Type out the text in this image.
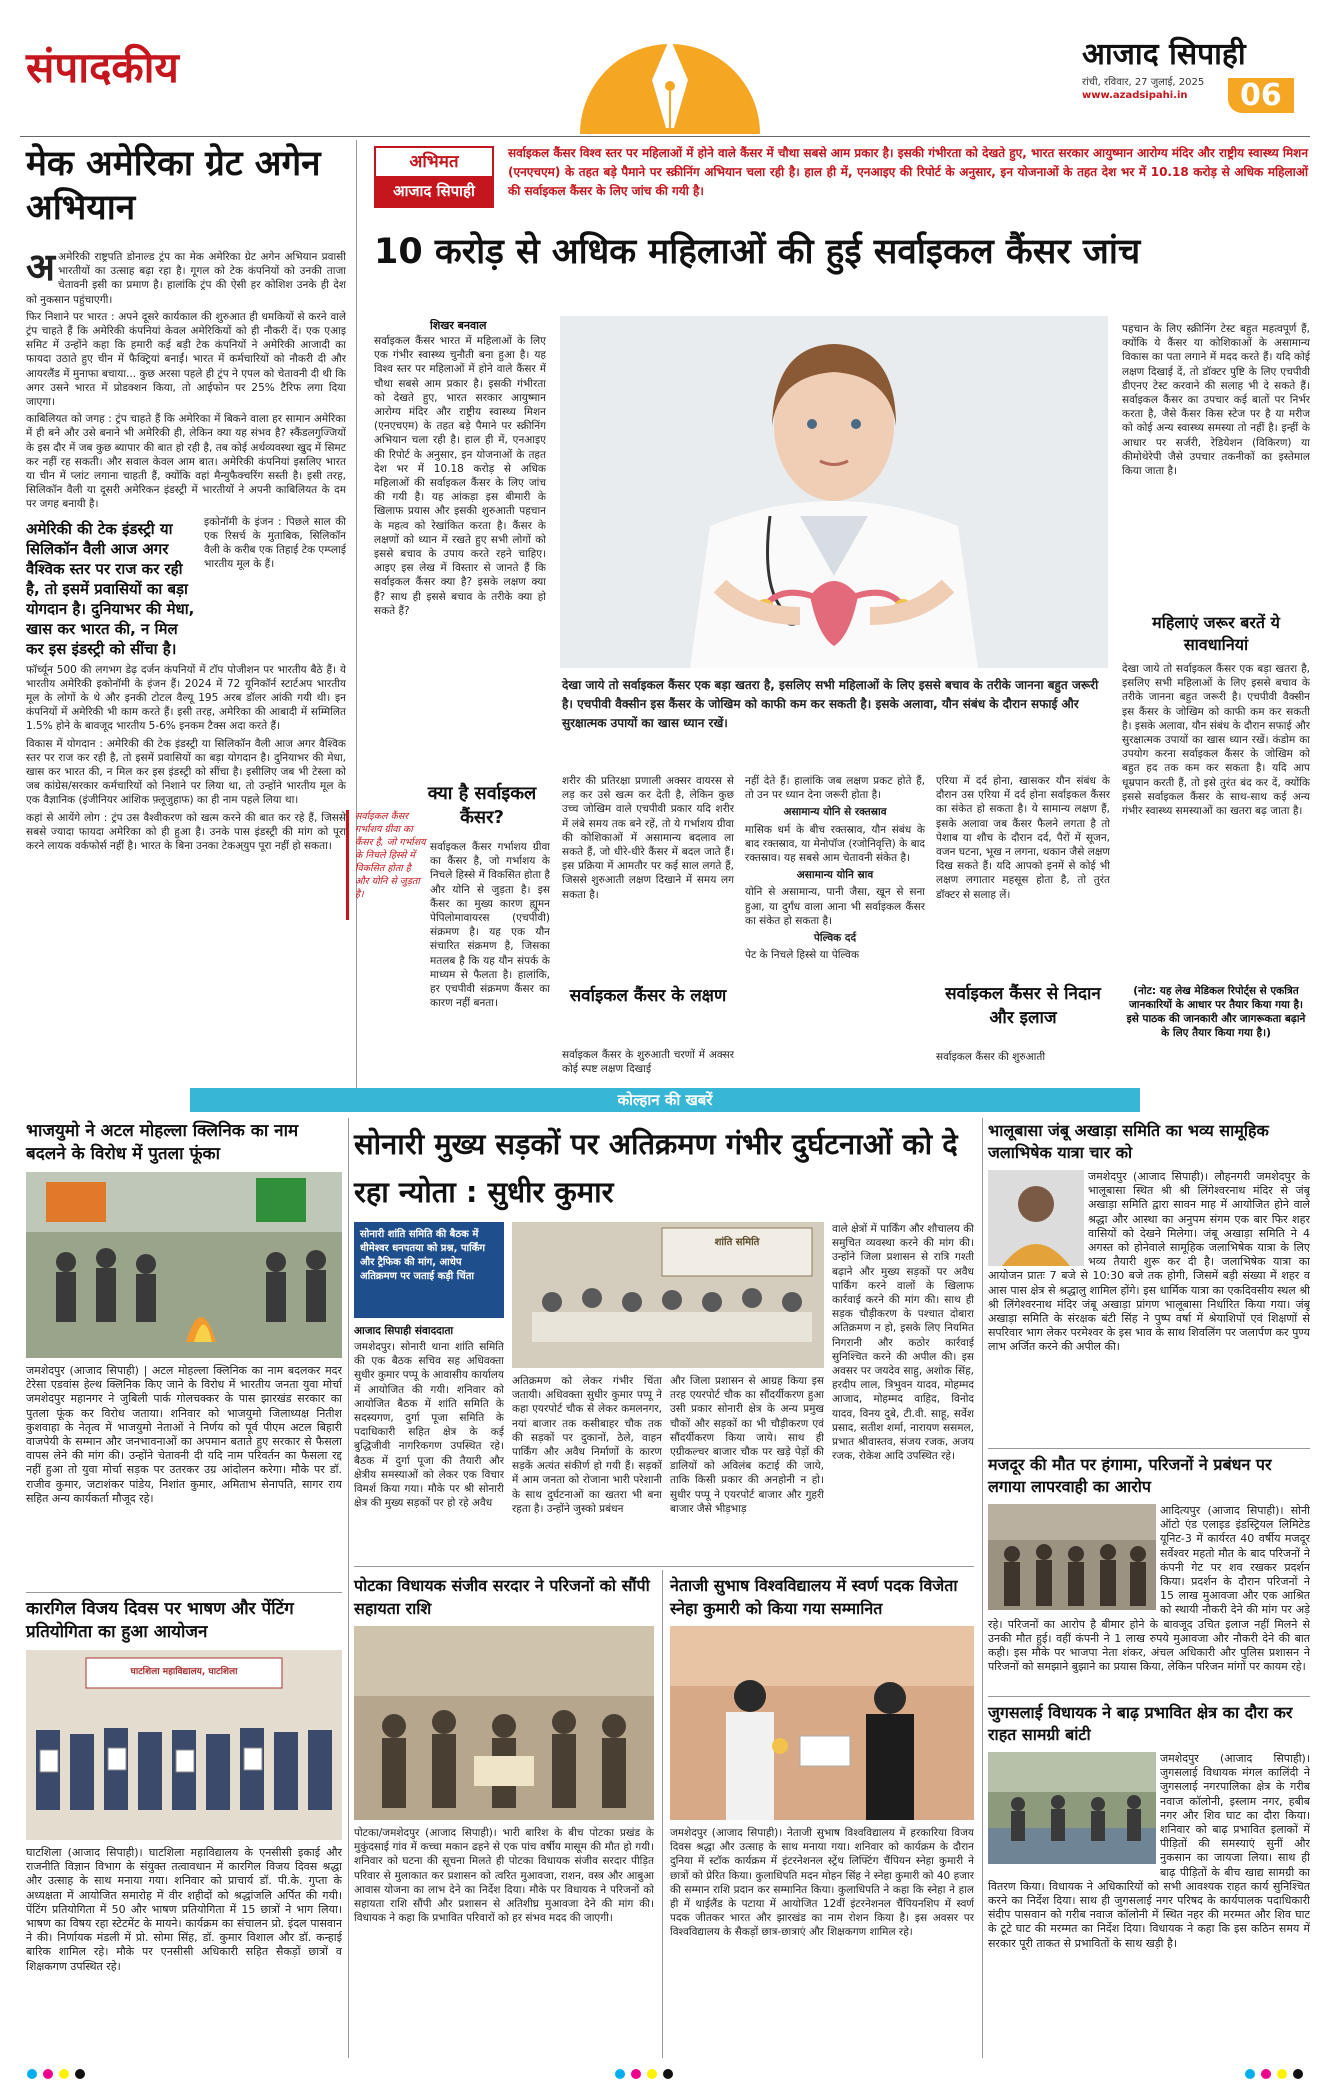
संपादकीय	आजाद सिपाही
रांची, रविवार, 27 जुलाई, 2025
www.azadsipahi.in	06
मेक अमेरिका ग्रेट अगेन अभियान

अअमेरिकी राष्ट्रपति डोनाल्ड ट्रंप का मेक अमेरिका ग्रेट अगेन अभियान प्रवासी भारतीयों का उत्साह बढ़ा रहा है। गूगल को टेक कंपनियों को उनकी ताजा चेतावनी इसी का प्रमाण है। हालांकि ट्रंप की ऐसी हर कोशिश उनके ही देश को नुकसान पहुंचाएगी।

फिर निशाने पर भारत : अपने दूसरे कार्यकाल की शुरुआत ही धमकियों से करने वाले ट्रंप चाहते हैं कि अमेरिकी कंपनियां केवल अमेरिकियों को ही नौकरी दें। एक एआइ समिट में उन्होंने कहा कि हमारी कई बड़ी टेक कंपनियों ने अमेरिकी आजादी का फायदा उठाते हुए चीन में फैक्ट्रियां बनाईं। भारत में कर्मचारियों को नौकरी दी और आयरलैंड में मुनाफा बचाया... कुछ अरसा पहले ही ट्रंप ने एपल को चेतावनी दी थी कि अगर उसने भारत में प्रोडक्शन किया, तो आईफोन पर 25% टैरिफ लगा दिया जाएगा।

काबिलियत को जगह : ट्रंप चाहते हैं कि अमेरिका में बिकने वाला हर सामान अमेरिका में ही बने और उसे बनाने भी अमेरिकी ही, लेकिन क्या यह संभव है? स्कैंडलगुज्जियों के इस दौर में जब कुछ ब्यापार की बात हो रही है, तब कोई अर्थव्यवस्था खुद में सिमट कर नहीं रह सकती। और सवाल केवल आम बात। अमेरिकी कंपनियां इसलिए भारत या चीन में प्लांट लगाना चाहती हैं, क्योंकि वहां मैन्युफैक्चरिंग सस्ती है। इसी तरह, सिलिकॉन वैली या दूसरी अमेरिकन इंडस्ट्री में भारतीयों ने अपनी काबिलियत के दम पर जगह बनायी है।

अमेरिकी की टेक इंडस्ट्री या सिलिकॉन वैली आज अगर वैश्विक स्तर पर राज कर रही है, तो इसमें प्रवासियों का बड़ा योगदान है। दुनियाभर की मेधा, खास कर भारत की, न मिल कर इस इंडस्ट्री को सींचा है।

इकोनॉमी के इंजन : पिछले साल की एक रिसर्च के मुताबिक, सिलिकॉन वैली के करीब एक तिहाई टेक एम्प्लाई भारतीय मूल के हैं।

फॉर्च्यून 500 की लगभग डेढ़ दर्जन कंपनियों में टॉप पोजीशन पर भारतीय बैठे हैं। ये भारतीय अमेरिकी इकोनॉमी के इंजन हैं। 2024 में 72 यूनिकॉर्न स्टार्टअप भारतीय मूल के लोगों के थे और इनकी टोटल वैल्यू 195 अरब डॉलर आंकी गयी थी। इन कंपनियों में अमेरिकी भी काम करते हैं। इसी तरह, अमेरिका की आबादी में सम्मिलित 1.5% होने के बावजूद भारतीय 5-6% इनकम टैक्स अदा करते हैं।

विकास में योगदान : अमेरिकी की टेक इंडस्ट्री या सिलिकॉन वैली आज अगर वैश्विक स्तर पर राज कर रही है, तो इसमें प्रवासियों का बड़ा योगदान है। दुनियाभर की मेधा, खास कर भारत की, न मिल कर इस इंडस्ट्री को सींचा है। इसीलिए जब भी टेस्ला को जब कांग्रेस/सरकार कर्मचारियों को निशाने पर लिया था, तो उन्होंने भारतीय मूल के एक वैज्ञानिक (इंजीनियर आंशिक फ़्लूजुहाफ) का ही नाम पहले लिया था।

कहां से आयेंगे लोग : ट्रंप उस वैश्वीकरण को खत्म करने की बात कर रहे हैं, जिससे सबसे ज्यादा फायदा अमेरिका को ही हुआ है। उनके पास इंडस्ट्री की मांग को पूरा करने लायक वर्कफोर्स नहीं है। भारत के बिना उनका टेकअ्युप पूरा नहीं हो सकता।

अभिमत
आजाद सिपाही
सर्वाइकल कैंसर विश्व स्तर पर महिलाओं में होने वाले कैंसर में चौथा सबसे आम प्रकार है। इसकी गंभीरता को देखते हुए, भारत सरकार आयुष्मान आरोग्य मंदिर और राष्ट्रीय स्वास्थ्य मिशन (एनएचएम) के तहत बड़े पैमाने पर स्क्रीनिंग अभियान चला रही है। हाल ही में, एनआइए की रिपोर्ट के अनुसार, इन योजनाओं के तहत देश भर में 10.18 करोड़ से अधिक महिलाओं की सर्वाइकल कैंसर के लिए जांच की गयी है।
10 करोड़ से अधिक महिलाओं की हुई सर्वाइकल कैंसर जांच
शिखर बनवाल
सर्वाइकल कैंसर भारत में महिलाओं के लिए एक गंभीर स्वास्थ्य चुनौती बना हुआ है। यह विश्व स्तर पर महिलाओं में होने वाले कैंसर में चौथा सबसे आम प्रकार है। इसकी गंभीरता को देखते हुए, भारत सरकार आयुष्मान आरोग्य मंदिर और राष्ट्रीय स्वास्थ्य मिशन (एनएचएम) के तहत बड़े पैमाने पर स्क्रीनिंग अभियान चला रही है। हाल ही में, एनआइए की रिपोर्ट के अनुसार, इन योजनाओं के तहत देश भर में 10.18 करोड़ से अधिक महिलाओं की सर्वाइकल कैंसर के लिए जांच की गयी है। यह आंकड़ा इस बीमारी के खिलाफ प्रयास और इसकी शुरुआती पहचान के महत्व को रेखांकित करता है। कैंसर के लक्षणों को ध्यान में रखते हुए सभी लोगों को इससे बचाव के उपाय करते रहने चाहिए। आइए इस लेख में विस्तार से जानते हैं कि सर्वाइकल कैंसर क्या है? इसके लक्षण क्या हैं? साथ ही इससे बचाव के तरीके क्या हो सकते हैं?
देखा जाये तो सर्वाइकल कैंसर एक बड़ा खतरा है, इसलिए सभी महिलाओं के लिए इससे बचाव के तरीके जानना बहुत जरूरी है। एचपीवी वैक्सीन इस कैंसर के जोखिम को काफी कम कर सकती है। इसके अलावा, यौन संबंध के दौरान सफाई और सुरक्षात्मक उपायों का खास ध्यान रखें।
पहचान के लिए स्क्रीनिंग टेस्ट बहुत महत्वपूर्ण हैं, क्योंकि ये कैंसर या कोशिकाओं के असामान्य विकास का पता लगाने में मदद करते हैं। यदि कोई लक्षण दिखाई दें, तो डॉक्टर पुष्टि के लिए एचपीवी डीएनए टेस्ट करवाने की सलाह भी दे सकते हैं। सर्वाइकल कैंसर का उपचार कई बातों पर निर्भर करता है, जैसे कैंसर किस स्टेज पर है या मरीज को कोई अन्य स्वास्थ्य समस्या तो नहीं है। इन्हीं के आधार पर सर्जरी, रेडियेशन (विकिरण) या कीमोथेरेपी जैसे उपचार तकनीकों का इस्तेमाल किया जाता है।
महिलाएं जरूर बरतें ये सावधानियां
देखा जाये तो सर्वाइकल कैंसर एक बड़ा खतरा है, इसलिए सभी महिलाओं के लिए इससे बचाव के तरीके जानना बहुत जरूरी है। एचपीवी वैक्सीन इस कैंसर के जोखिम को काफी कम कर सकती है। इसके अलावा, यौन संबंध के दौरान सफाई और सुरक्षात्मक उपायों का खास ध्यान रखें। कंडोम का उपयोग करना सर्वाइकल कैंसर के जोखिम को बहुत हद तक कम कर सकता है। यदि आप धूम्रपान करती हैं, तो इसे तुरंत बंद कर दें, क्योंकि इससे सर्वाइकल कैंसर के साथ-साथ कई अन्य गंभीर स्वास्थ्य समस्याओं का खतरा बढ़ जाता है।
(नोट: यह लेख मेडिकल रिपोर्ट्स से एकत्रित जानकारियों के आधार पर तैयार किया गया है। इसे पाठक की जानकारी और जागरूकता बढ़ाने के लिए तैयार किया गया है।)
क्या है सर्वाइकल कैंसर?
सर्वाइकल कैंसर गर्भाशय ग्रीवा का कैंसर है, जो गर्भाशय के निचले हिस्से में विकसित होता है और योनि से जुड़ता है।
सर्वाइकल कैंसर गर्भाशय ग्रीवा का कैंसर है, जो गर्भाशय के निचले हिस्से में विकसित होता है और योनि से जुड़ता है। इस कैंसर का मुख्य कारण ह्यूमन पेपिलोमावायरस (एचपीवी) संक्रमण है। यह एक यौन संचारित संक्रमण है, जिसका मतलब है कि यह यौन संपर्क के माध्यम से फैलता है। हालांकि, हर एचपीवी संक्रमण कैंसर का कारण नहीं बनता।
शरीर की प्रतिरक्षा प्रणाली अक्सर वायरस से लड़ कर उसे खत्म कर देती है, लेकिन कुछ उच्च जोखिम वाले एचपीवी प्रकार यदि शरीर में लंबे समय तक बने रहें, तो ये गर्भाशय ग्रीवा की कोशिकाओं में असामान्य बदलाव ला सकते हैं, जो धीरे-धीरे कैंसर में बदल जाते हैं। इस प्रक्रिया में आमतौर पर कई साल लगते हैं, जिससे शुरुआती लक्षण दिखाने में समय लग सकता है।
सर्वाइकल कैंसर के लक्षण
सर्वाइकल कैंसर के शुरुआती चरणों में अक्सर कोई स्पष्ट लक्षण दिखाई

नहीं देते हैं। हालांकि जब लक्षण प्रकट होते हैं, तो उन पर ध्यान देना जरूरी होता है।

असामान्य योनि से रक्तस्राव

मासिक धर्म के बीच रक्तस्राव, यौन संबंध के बाद रक्तस्राव, या मेनोपॉज (रजोनिवृत्ति) के बाद रक्तस्राव। यह सबसे आम चेतावनी संकेत है।

असामान्य योनि स्राव

योनि से असामान्य, पानी जैसा, खून से सना हुआ, या दुर्गंध वाला आना भी सर्वाइकल कैंसर का संकेत हो सकता है।

पेल्विक दर्द

पेट के निचले हिस्से या पेल्विक

एरिया में दर्द होना, खासकर यौन संबंध के दौरान उस एरिया में दर्द होना सर्वाइकल कैंसर का संकेत हो सकता है। ये सामान्य लक्षण हैं, इसके अलावा जब कैंसर फैलने लगता है तो पेशाब या शौच के दौरान दर्द, पैरों में सूजन, वजन घटना, भूख न लगना, थकान जैसे लक्षण दिख सकते हैं। यदि आपको इनमें से कोई भी लक्षण लगातार महसूस होता है, तो तुरंत डॉक्टर से सलाह लें।
सर्वाइकल कैंसर से निदान और इलाज
सर्वाइकल कैंसर की शुरुआती
कोल्हान की खबरें
भाजयुमो ने अटल मोहल्ला क्लिनिक का नाम बदलने के विरोध में पुतला फूंका
जमशेदपुर (आजाद सिपाही) | अटल मोहल्ला क्लिनिक का नाम बदलकर मदर टेरेसा एडवांस हेल्थ क्लिनिक किए जाने के विरोध में भारतीय जनता युवा मोर्चा जमशेदपुर महानगर ने जुबिली पार्क गोलचक्कर के पास झारखंड सरकार का पुतला फूंक कर विरोध जताया। शनिवार को भाजयुमो जिलाध्यक्ष नितीश कुशवाहा के नेतृत्व में भाजयुमो नेताओं ने निर्णय को पूर्व पीएम अटल बिहारी वाजपेयी के सम्मान और जनभावनाओं का अपमान बताते हुए सरकार से फैसला वापस लेने की मांग की। उन्होंने चेतावनी दी यदि नाम परिवर्तन का फैसला रद्द नहीं हुआ तो युवा मोर्चा सड़क पर उतरकर उग्र आंदोलन करेगा। मौके पर डॉ. राजीव कुमार, जटाशंकर पांडेय, निशांत कुमार, अमिताभ सेनापति, सागर राय सहित अन्य कार्यकर्ता मौजूद रहे।
कारगिल विजय दिवस पर भाषण और पेंटिंग प्रतियोगिता का हुआ आयोजन
घाटशिला महाविद्यालय, घाटशिला
घाटशिला (आजाद सिपाही)। घाटशिला महाविद्यालय के एनसीसी इकाई और राजनीति विज्ञान विभाग के संयुक्त तत्वावधान में कारगिल विजय दिवस श्रद्धा और उत्साह के साथ मनाया गया। शनिवार को प्राचार्य डॉ. पी.के. गुप्ता के अध्यक्षता में आयोजित समारोह में वीर शहीदों को श्रद्धांजलि अर्पित की गयी। पेंटिंग प्रतियोगिता में 50 और भाषण प्रतियोगिता में 15 छात्रों ने भाग लिया। भाषण का विषय रहा स्टेटमेंट के मायने। कार्यक्रम का संचालन प्रो. इंदल पासवान ने की। निर्णायक मंडली में प्रो. सोमा सिंह, डॉ. कुमार विशाल और डॉ. कन्हाई बारिक शामिल रहे। मौके पर एनसीसी अधिकारी सहित सैकड़ों छात्रों व शिक्षकगण उपस्थित रहे।
सोनारी मुख्य सड़कों पर अतिक्रमण गंभीर दुर्घटनाओं को दे रहा न्योता : सुधीर कुमार
सोनारी शांति समिति की बैठक में धीमेश्वर धनपतया को प्रश्न, पार्किंग और ट्रैफिक की मांग, आधेप अतिक्रमण पर जताई कड़ी चिंता
शांति समिति
आजाद सिपाही संवाददाता
जमशेदपुर। सोनारी थाना शांति समिति की एक बैठक सचिव सह अधिवक्ता सुधीर कुमार पप्पू के आवासीय कार्यालय में आयोजित की गयी। शनिवार को आयोजित बैठक में शांति समिति के सदस्यगण, दुर्गा पूजा समिति के पदाधिकारी सहित क्षेत्र के कई बुद्धिजीवी नागरिकगण उपस्थित रहे। बैठक में दुर्गा पूजा की तैयारी और क्षेत्रीय समस्याओं को लेकर एक विचार विमर्श किया गया। मौके पर श्री सोनारी क्षेत्र की मुख्य सड़कों पर हो रहे अवैध
अतिक्रमण को लेकर गंभीर चिंता जतायी। अधिवक्ता सुधीर कुमार पप्पू ने कहा एयरपोर्ट चौक से लेकर कमलनगर, नयां बाजार तक कसीबाहर चौक तक की सड़कों पर दुकानों, ठेले, वाहन पार्किंग और अवैध निर्माणों के कारण सड़कें अत्यंत संकीर्ण हो गयी हैं। सड़कों में आम जनता को रोजाना भारी परेशानी के साथ दुर्घटनाओं का खतरा भी बना रहता है। उन्होंने जुस्को प्रबंधन
और जिला प्रशासन से आग्रह किया इस तरह एयरपोर्ट चौक का सौंदर्यीकरण हुआ उसी प्रकार सोनारी क्षेत्र के अन्य प्रमुख चौकों और सड़कों का भी चौड़ीकरण एवं सौंदर्यीकरण किया जाये। साथ ही एग्रीकल्चर बाजार चौक पर खड़े पेड़ों की डालियों को अविलंब कटाई की जाये, ताकि किसी प्रकार की अनहोनी न हो। सुधीर पप्पू ने एयरपोर्ट बाजार और गुहरी बाजार जैसे भीड़भाड़
वाले क्षेत्रों में पार्किंग और शौचालय की समुचित व्यवस्था करने की मांग की। उन्होंने जिला प्रशासन से रात्रि गश्ती बढ़ाने और मुख्य सड़कों पर अवैध पार्किंग करने वालों के खिलाफ कार्रवाई करने की मांग की। साथ ही सड़क चौड़ीकरण के पश्चात दोबारा अतिक्रमण न हो, इसके लिए नियमित निगरानी और कठोर कार्रवाई सुनिश्चित करने की अपील की। इस अवसर पर जयदेव साहु, अशोक सिंह, हरदीप लाल, त्रिभुवन यादव, मोहम्मद आजाद, मोहम्मद वाहिद, विनोद यादव, विनय दुबे, टी.वी. साहू, सर्वेश प्रसाद, सतीश शर्मा, नारायण ससमल, प्रभात श्रीवास्तव, संजय रजक, अजय रजक, रोकेश आदि उपस्थित रहे।
पोटका विधायक संजीव सरदार ने परिजनों को सौंपी सहायता राशि
पोटका/जमशेदपुर (आजाद सिपाही)। भारी बारिश के बीच पोटका प्रखंड के मुकुंदसाई गांव में कच्चा मकान ढहने से एक पांच वर्षीय मासूम की मौत हो गयी। शनिवार को घटना की सूचना मिलते ही पोटका विधायक संजीव सरदार पीड़ित परिवार से मुलाकात कर प्रशासन को त्वरित मुआवजा, राशन, वस्त्र और आबुआ आवास योजना का लाभ देने का निर्देश दिया। मौके पर विधायक ने परिजनों को सहायता राशि सौंपी और प्रशासन से अतिशीघ्र मुआवजा देने की मांग की। विधायक ने कहा कि प्रभावित परिवारों को हर संभव मदद की जाएगी।
नेताजी सुभाष विश्वविद्यालय में स्वर्ण पदक विजेता स्नेहा कुमारी को किया गया सम्मानित
जमशेदपुर (आजाद सिपाही)। नेताजी सुभाष विश्वविद्यालय में हरकारिया विजय दिवस श्रद्धा और उत्साह के साथ मनाया गया। शनिवार को कार्यक्रम के दौरान दुनिया में स्टॉक कार्यक्रम में इंटरनेशनल स्ट्रेंथ लिफ्टिंग चैंपियन स्नेहा कुमारी ने छात्रों को प्रेरित किया। कुलाधिपति मदन मोहन सिंह ने स्नेहा कुमारी को 40 हजार की सम्मान राशि प्रदान कर सम्मानित किया। कुलाधिपति ने कहा कि स्नेहा ने हाल ही में थाईलैंड के पटाया में आयोजित 12वीं इंटरनेशनल चैंपियनशिप में स्वर्ण पदक जीतकर भारत और झारखंड का नाम रोशन किया है। इस अवसर पर विश्वविद्यालय के सैकड़ों छात्र-छात्राएं और शिक्षकगण शामिल रहे।
भालूबासा जंबू अखाड़ा समिति का भव्य सामूहिक जलाभिषेक यात्रा चार को
जमशेदपुर (आजाद सिपाही)। लौहनगरी जमशेदपुर के भालूबासा स्थित श्री श्री लिंगेश्वरनाथ मंदिर से जंबू अखाड़ा समिति द्वारा सावन माह में आयोजित होने वाले श्रद्धा और आस्था का अनुपम संगम एक बार फिर शहर वासियों को देखने मिलेगा। जंबू अखाड़ा समिति ने 4 अगस्त को होनेवाले सामूहिक जलाभिषेक यात्रा के लिए भव्य तैयारी शुरू कर दी है। जलाभिषेक यात्रा का आयोजन प्रातः 7 बजे से 10:30 बजे तक होगी, जिसमें बड़ी संख्या में शहर व आस पास क्षेत्र से श्रद्धालु शामिल होंगे। इस धार्मिक यात्रा का एकदिवसीय स्थल श्री श्री लिंगेश्वरनाथ मंदिर जंबू अखाड़ा प्रांगण भालूबासा निर्धारित किया गया। जंबू अखाड़ा समिति के संरक्षक बंटी सिंह ने पुष्प वर्षा में श्रेयाशिपों एवं शिक्षणों से सपरिवार भाग लेकर परमेश्वर के इस भाव के साथ शिवलिंग पर जलार्पण कर पुण्य लाभ अर्जित करने की अपील की।
मजदूर की मौत पर हंगामा, परिजनों ने प्रबंधन पर लगाया लापरवाही का आरोप
आदित्यपुर (आजाद सिपाही)। सोनी ऑटो एंड एलाइड इंडस्ट्रियल लिमिटेड यूनिट-3 में कार्यरत 40 वर्षीय मजदूर सर्वेश्वर महतो मौत के बाद परिजनों ने कंपनी गेट पर शव रखकर प्रदर्शन किया। प्रदर्शन के दौरान परिजनों ने 15 लाख मुआवजा और एक आश्रित को स्थायी नौकरी देने की मांग पर अड़े रहे। परिजनों का आरोप है बीमार होने के बावजूद उचित इलाज नहीं मिलने से उनकी मौत हुई। वहीं कंपनी ने 1 लाख रुपये मुआवजा और नौकरी देने की बात कही। इस मौके पर भाजपा नेता शंकर, अंचल अधिकारी और पुलिस प्रशासन ने परिजनों को समझाने बुझाने का प्रयास किया, लेकिन परिजन मांगों पर कायम रहे।
जुगसलाई विधायक ने बाढ़ प्रभावित क्षेत्र का दौरा कर राहत सामग्री बांटी
जमशेदपुर (आजाद सिपाही)। जुगसलाई विधायक मंगल कालिंदी ने जुगसलाई नगरपालिका क्षेत्र के गरीब नवाज कॉलोनी, इस्लाम नगर, हबीब नगर और शिव घाट का दौरा किया। शनिवार को बाढ़ प्रभावित इलाकों में पीड़ितों की समस्याएं सुनीं और नुकसान का जायजा लिया। साथ ही बाढ़ पीड़ितों के बीच खाद्य सामग्री का वितरण किया। विधायक ने अधिकारियों को सभी आवश्यक राहत कार्य सुनिश्चित करने का निर्देश दिया। साथ ही जुगसलाई नगर परिषद के कार्यपालक पदाधिकारी संदीप पासवान को गरीब नवाज कॉलोनी में स्थित नहर की मरम्मत और शिव घाट के टूटे घाट की मरम्मत का निर्देश दिया। विधायक ने कहा कि इस कठिन समय में सरकार पूरी ताकत से प्रभावितों के साथ खड़ी है।
